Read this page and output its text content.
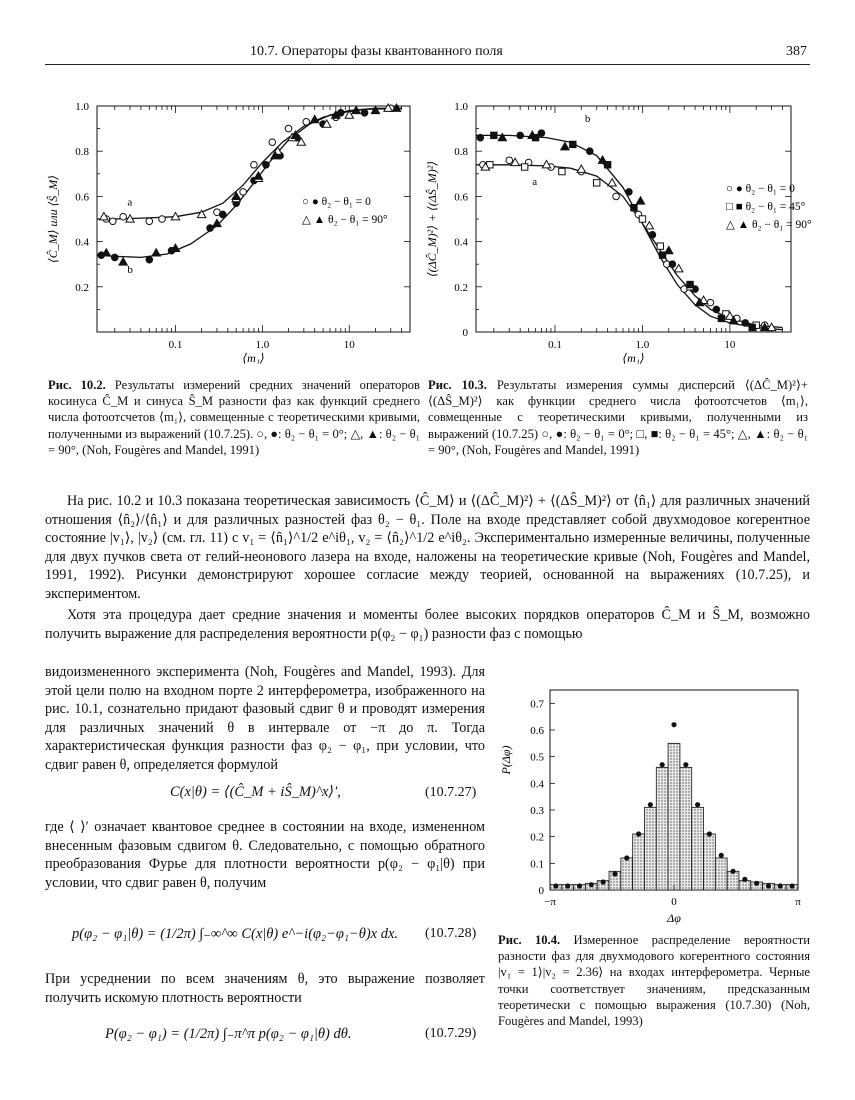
10.7. Операторы фазы квантованного поля	387
0.1	1.0	10
0.2
0.4
0.6
0.8
1.0
⟨m₁⟩
⟨Ĉ_M⟩ или ⟨Ŝ_M⟩	a
b
○ ● θ₂ − θ₁ = 0
△ ▲ θ₂ − θ₁ = 90°
0.1	1.0	10
0
0.2
0.4
0.6
0.8
1.0
⟨m₁⟩
⟨(ΔĈ_M)²⟩ + ⟨(ΔŜ_M)²⟩	a
b
○ ● θ₂ − θ₁ = 0
□ ■ θ₂ − θ₁ = 45°
△ ▲ θ₂ − θ₁ = 90°
Рис. 10.2. Результаты измерений средних значений операторов косинуса Ĉ_M и синуса Ŝ_M разности фаз как функций среднего числа фотоотсчетов ⟨m₁⟩, совмещенные с теоретическими кривыми, полученными из выражений (10.7.25). ○, ●: θ₂ − θ₁ = 0°; △, ▲: θ₂ − θ₁ = 90°, (Noh, Fougères and Mandel, 1991)
Рис. 10.3. Результаты измерения суммы дисперсий ⟨(ΔĈ_M)²⟩+⟨(ΔŜ_M)²⟩ как функции среднего числа фотоотсчетов ⟨m₁⟩, совмещенные с теоретическими кривыми, полученными из выражений (10.7.25) ○, ●: θ₂ − θ₁ = 0°; □, ■: θ₂ − θ₁ = 45°; △, ▲: θ₂ − θ₁ = 90°, (Noh, Fougères and Mandel, 1991)

На рис. 10.2 и 10.3 показана теоретическая зависимость ⟨Ĉ_M⟩ и ⟨(ΔĈ_M)²⟩ + ⟨(ΔŜ_M)²⟩ от ⟨n̂₁⟩ для различных значений отношения ⟨n̂₂⟩/⟨n̂₁⟩ и для различных разностей фаз θ₂ − θ₁. Поле на входе представляет собой двухмодовое когерентное состояние |v₁⟩, |v₂⟩ (см. гл. 11) с v₁ = ⟨n̂₁⟩^1/2 e^iθ₁, v₂ = ⟨n̂₂⟩^1/2 e^iθ₂. Экспериментально измеренные величины, полученные для двух пучков света от гелий-неонового лазера на входе, наложены на теоретические кривые (Noh, Fougères and Mandel, 1991, 1992). Рисунки демонстрируют хорошее согласие между теорией, основанной на выражениях (10.7.25), и экспериментом.

Хотя эта процедура дает средние значения и моменты более высоких порядков операторов Ĉ_M и Ŝ_M, возможно получить выражение для распределения вероятности p(φ₂ − φ₁) разности фаз с помощью

видоизмененного эксперимента (Noh, Fougères and Mandel, 1993). Для этой цели полю на входном порте 2 интерферометра, изображенного на рис. 10.1, сознательно придают фазовый сдвиг θ и проводят измерения для различных значений θ в интервале от −π до π. Тогда характеристическая функция разности фаз φ₂ − φ₁, при условии, что сдвиг равен θ, определяется формулой

C(x|θ) = ⟨(Ĉ_M + iŜ_M)^x⟩′,	(10.7.27)

где ⟨ ⟩′ означает квантовое среднее в состоянии на входе, измененном внесенным фазовым сдвигом θ. Следовательно, с помощью обратного преобразования Фурье для плотности вероятности p(φ₂ − φ₁|θ) при условии, что сдвиг равен θ, получим

p(φ₂ − φ₁|θ) = (1/2π) ∫₋∞^∞ C(x|θ) e^−i(φ₂−φ₁−θ)x dx. (10.7.28)

При усреднении по всем значениям θ, это выражение позволяет получить искомую плотность вероятности

P(φ₂ − φ₁) = (1/2π) ∫₋π^π p(φ₂ − φ₁|θ) dθ.	(10.7.29)
0
0.1
0.2
0.3
0.4
0.5
0.6
0.7
−π	0	π
Δφ
P(Δφ)
Рис. 10.4. Измеренное распределение вероятности разности фаз для двухмодового когерентного состояния |v₁ = 1⟩|v₂ = 2.36⟩ на входах интерферометра. Черные точки соответствует значениям, предсказанным теоретически с помощью выражения (10.7.30) (Noh, Fougères and Mandel, 1993)
